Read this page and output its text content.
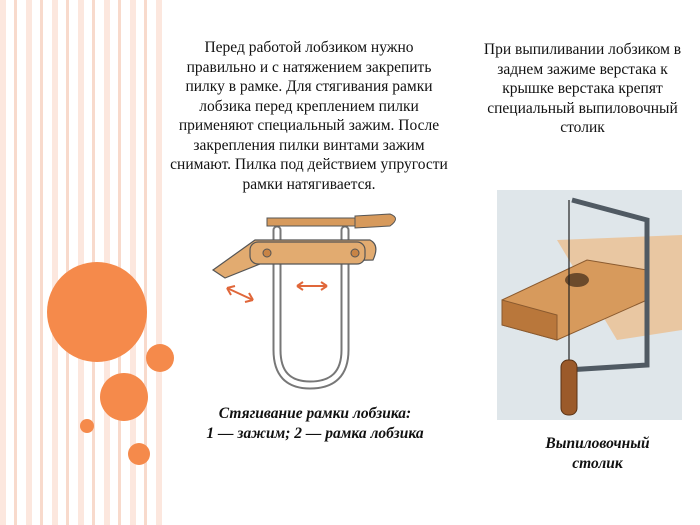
Перед работой лобзиком нужно правильно и с натяжением закрепить пилку в рамке. Для стягивания рамки лобзика перед креплением пилки применяют специальный зажим. После закрепления пилки винтами зажим снимают. Пилка под действием упругости рамки натягивается.
При выпиливании лобзиком в заднем зажиме верстака к крышке верстака крепят специальный выпиловочный столик
Стягивание рамки лобзика:
1 — зажим; 2 — рамка лобзика
Выпиловочный
столик
